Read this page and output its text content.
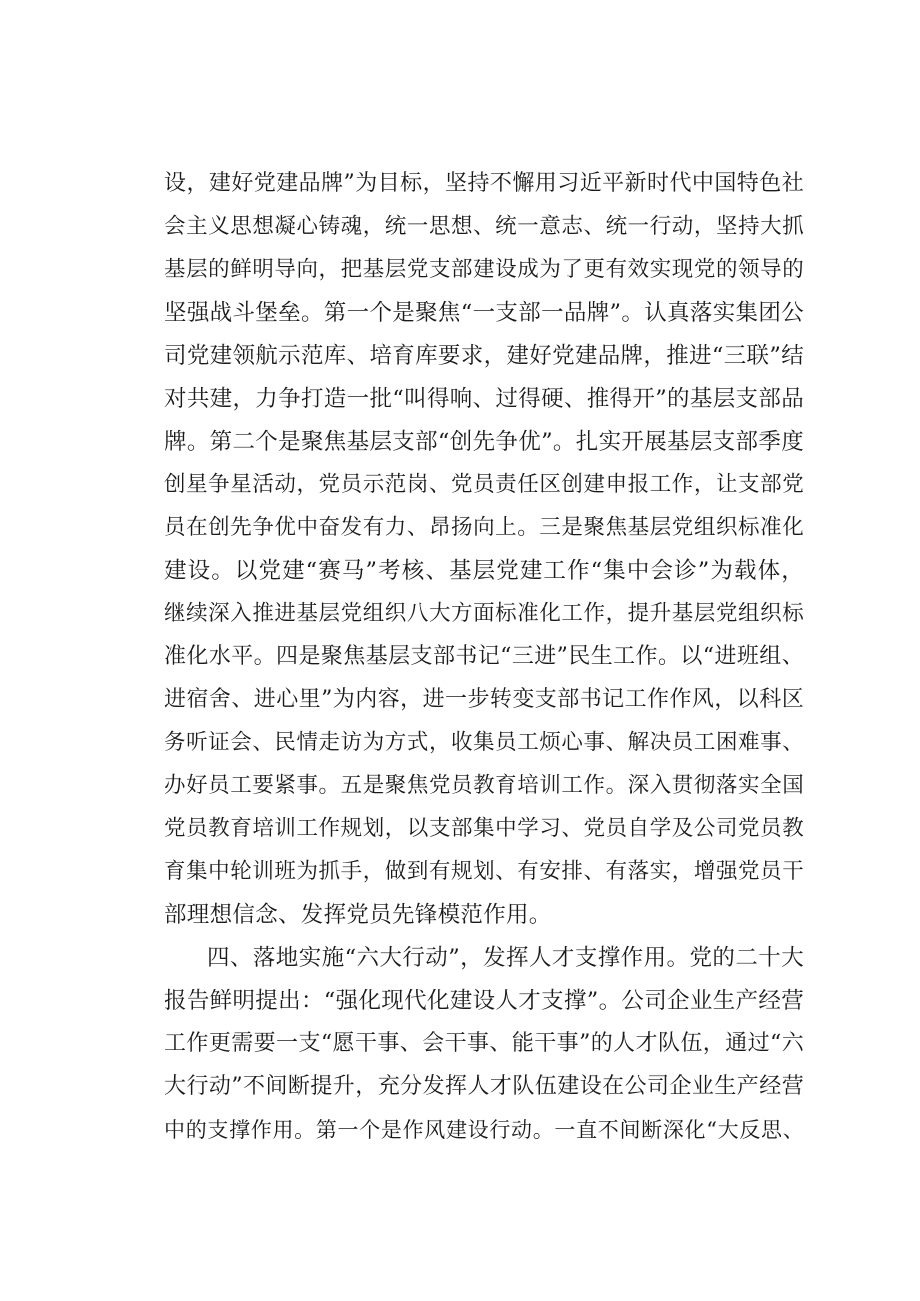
设，建好党建品牌”为目标，坚持不懈用习近平新时代中国特色社
会主义思想凝心铸魂，统一思想、统一意志、统一行动，坚持大抓
基层的鲜明导向，把基层党支部建设成为了更有效实现党的领导的
坚强战斗堡垒。第一个是聚焦“一支部一品牌”。认真落实集团公
司党建领航示范库、培育库要求，建好党建品牌，推进“三联”结
对共建，力争打造一批“叫得响、过得硬、推得开”的基层支部品
牌。第二个是聚焦基层支部“创先争优”。扎实开展基层支部季度
创星争星活动，党员示范岗、党员责任区创建申报工作，让支部党
员在创先争优中奋发有力、昂扬向上。三是聚焦基层党组织标准化
建设。以党建“赛马”考核、基层党建工作“集中会诊”为载体，
继续深入推进基层党组织八大方面标准化工作，提升基层党组织标
准化水平。四是聚焦基层支部书记“三进”民生工作。以“进班组、
进宿舍、进心里”为内容，进一步转变支部书记工作作风，以科区
务听证会、民情走访为方式，收集员工烦心事、解决员工困难事、
办好员工要紧事。五是聚焦党员教育培训工作。深入贯彻落实全国
党员教育培训工作规划，以支部集中学习、党员自学及公司党员教
育集中轮训班为抓手，做到有规划、有安排、有落实，增强党员干
部理想信念、发挥党员先锋模范作用。
四、落地实施“六大行动”，发挥人才支撑作用。党的二十大
报告鲜明提出：“强化现代化建设人才支撑”。公司企业生产经营
工作更需要一支“愿干事、会干事、能干事”的人才队伍，通过“六
大行动”不间断提升，充分发挥人才队伍建设在公司企业生产经营
中的支撑作用。第一个是作风建设行动。一直不间断深化“大反思、
